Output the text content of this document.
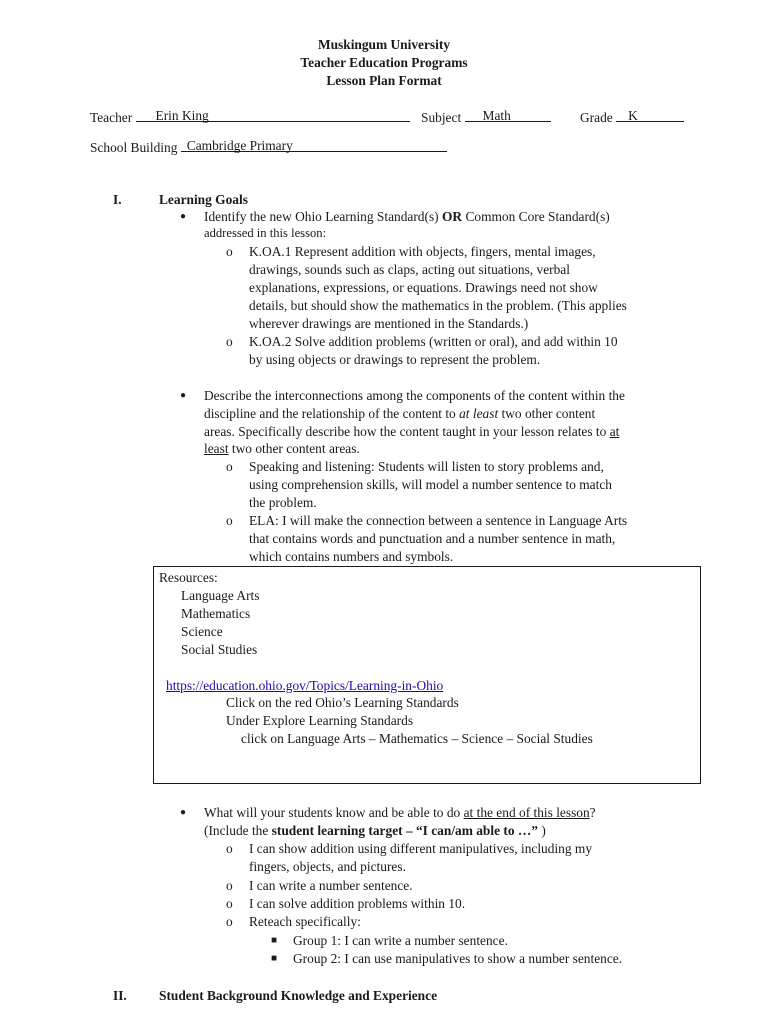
Muskingum University
Teacher Education Programs
Lesson Plan Format
Teacher Erin King	Subject Math	Grade K
School Building Cambridge Primary
I.	Learning Goals
● Identify the new Ohio Learning Standard(s) OR Common Core Standard(s)
addressed in this lesson:
o K.OA.1 Represent addition with objects, fingers, mental images,
drawings, sounds such as claps, acting out situations, verbal
explanations, expressions, or equations. Drawings need not show
details, but should show the mathematics in the problem. (This applies
wherever drawings are mentioned in the Standards.)
o K.OA.2 Solve addition problems (written or oral), and add within 10
by using objects or drawings to represent the problem.
● Describe the interconnections among the components of the content within the
discipline and the relationship of the content to at least two other content
areas. Specifically describe how the content taught in your lesson relates to at
least two other content areas.
o Speaking and listening: Students will listen to story problems and,
using comprehension skills, will model a number sentence to match
the problem.
o ELA: I will make the connection between a sentence in Language Arts
that contains words and punctuation and a number sentence in math,
which contains numbers and symbols.
Resources:
Language Arts
Mathematics
Science
Social Studies
https://education.ohio.gov/Topics/Learning-in-Ohio
Click on the red Ohio’s Learning Standards
Under Explore Learning Standards
click on Language Arts – Mathematics – Science – Social Studies
● What will your students know and be able to do at the end of this lesson?
(Include the student learning target – “I can/am able to …” )
o I can show addition using different manipulatives, including my
fingers, objects, and pictures.
o I can write a number sentence.
o I can solve addition problems within 10.
o Reteach specifically:
■ Group 1: I can write a number sentence.
■ Group 2: I can use manipulatives to show a number sentence.
II. Student Background Knowledge and Experience
